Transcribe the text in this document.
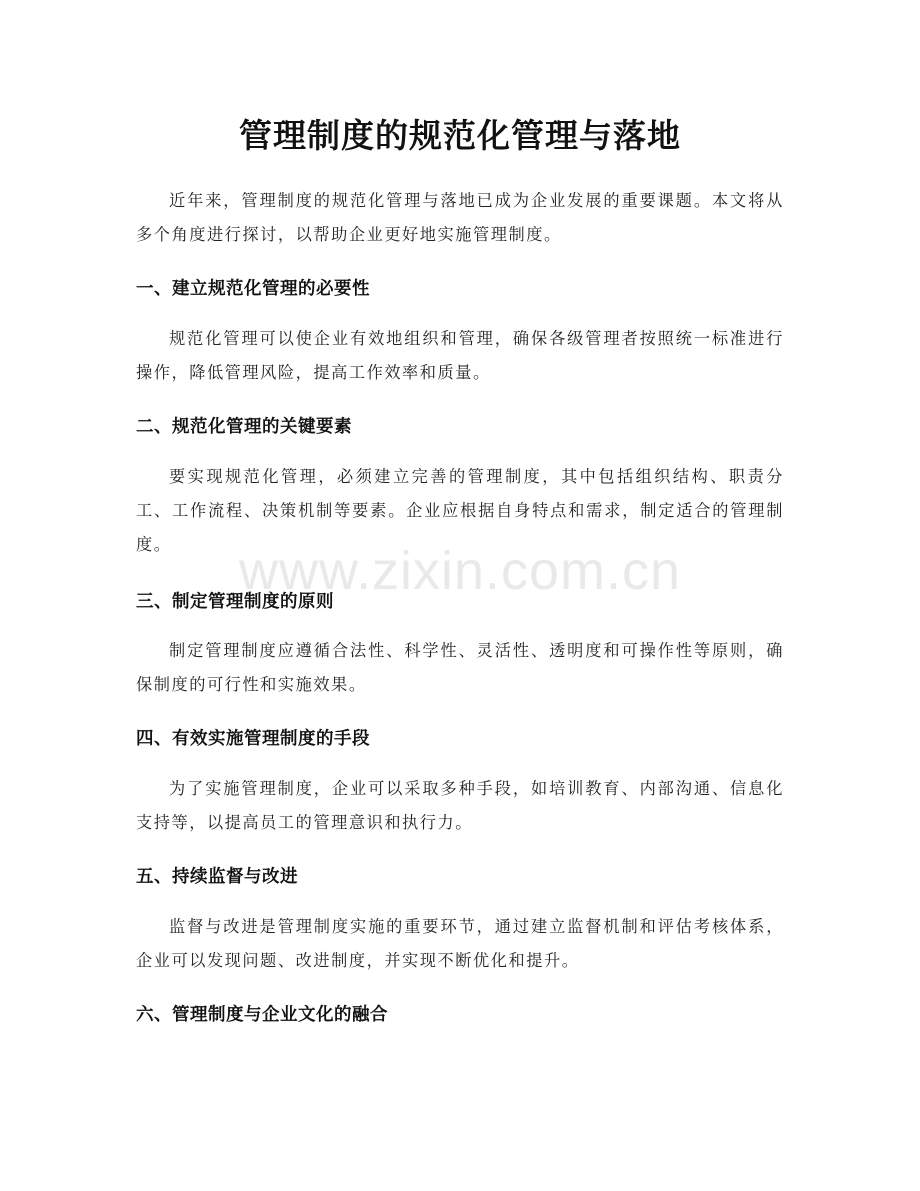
管理制度的规范化管理与落地
近年来，管理制度的规范化管理与落地已成为企业发展的重要课题。本文将从多个角度进行探讨，以帮助企业更好地实施管理制度。
一、建立规范化管理的必要性
规范化管理可以使企业有效地组织和管理，确保各级管理者按照统一标准进行操作，降低管理风险，提高工作效率和质量。
二、规范化管理的关键要素
要实现规范化管理，必须建立完善的管理制度，其中包括组织结构、职责分工、工作流程、决策机制等要素。企业应根据自身特点和需求，制定适合的管理制度。
三、制定管理制度的原则
制定管理制度应遵循合法性、科学性、灵活性、透明度和可操作性等原则，确保制度的可行性和实施效果。
四、有效实施管理制度的手段
为了实施管理制度，企业可以采取多种手段，如培训教育、内部沟通、信息化支持等，以提高员工的管理意识和执行力。
五、持续监督与改进
监督与改进是管理制度实施的重要环节，通过建立监督机制和评估考核体系，企业可以发现问题、改进制度，并实现不断优化和提升。
六、管理制度与企业文化的融合
www.zixin.com.cn
